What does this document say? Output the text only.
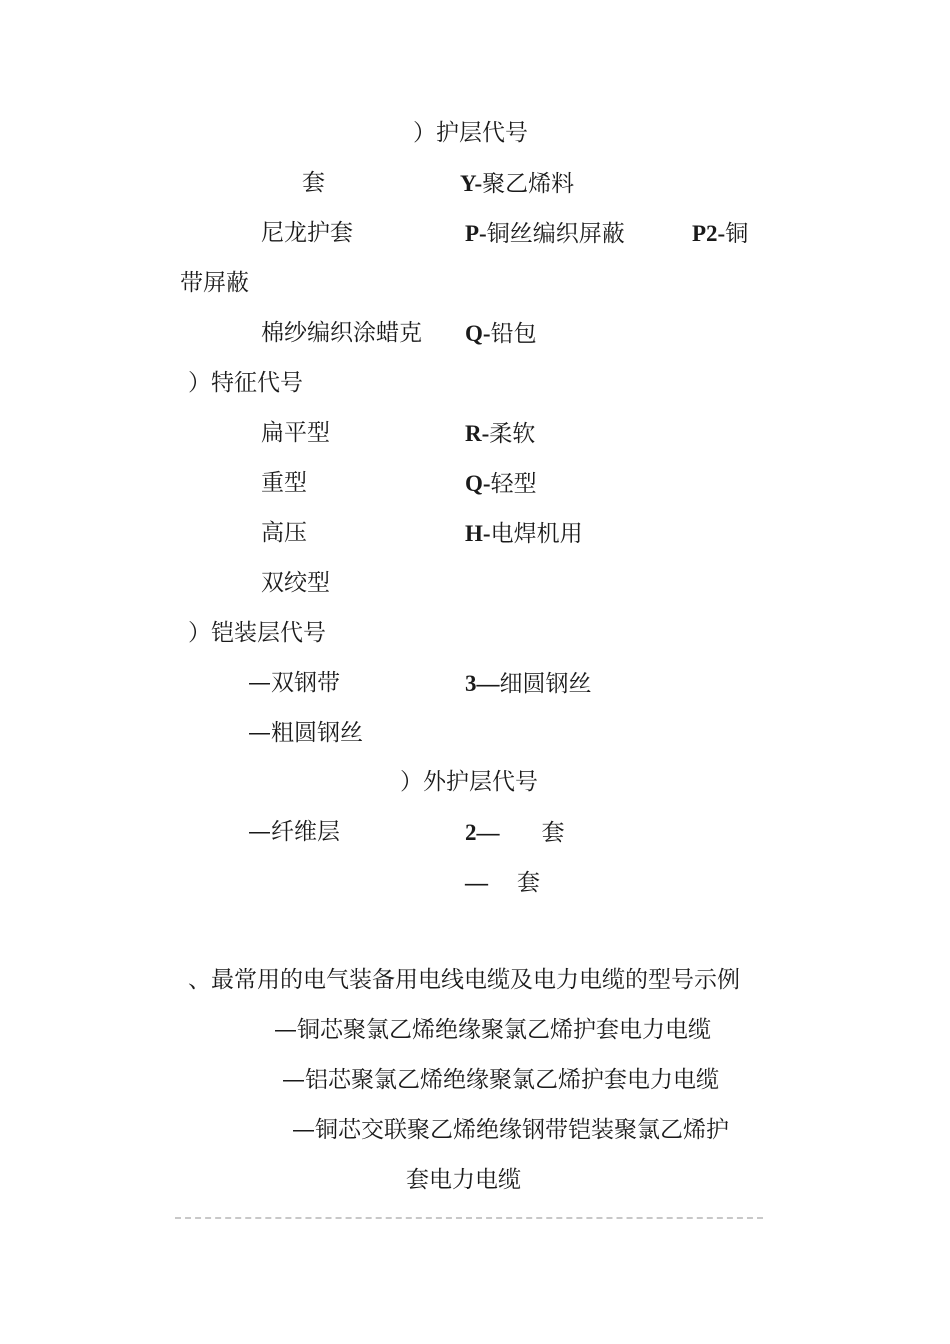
）护层代号
套	Y-聚乙烯料
尼龙护套	P-铜丝编织屏蔽	P2-铜
带屏蔽
棉纱编织涂蜡克 Q-铅包
）特征代号
扁平型	R-柔软
重型	Q-轻型
高压	H-电焊机用
双绞型
）铠装层代号
—双钢带	3—细圆钢丝
—粗圆钢丝
）外护层代号
—纤维层	2— 套
— 套
、最常用的电气装备用电线电缆及电力电缆的型号示例
—铜芯聚氯乙烯绝缘聚氯乙烯护套电力电缆
—铝芯聚氯乙烯绝缘聚氯乙烯护套电力电缆
—铜芯交联聚乙烯绝缘钢带铠装聚氯乙烯护
套电力电缆
